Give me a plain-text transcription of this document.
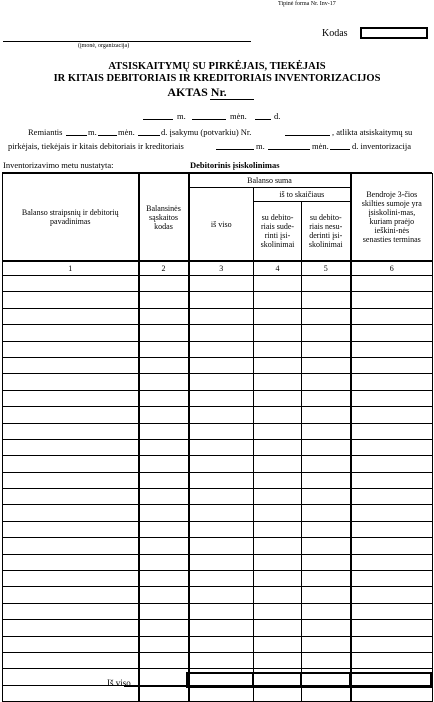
Tipinė forma Nr. Inv-17
Kodas
(įmonė, organizacija)
ATSISKAITYMŲ SU PIRKĖJAIS, TIEKĖJAIS
IR KITAIS DEBITORIAIS IR KREDITORIAIS INVENTORIZACIJOS
AKTAS Nr.
m.	mėn.	d.
Remiantis	m.	mėn.	d. įsakymu (potvarkiu) Nr.	, atlikta atsiskaitymų su
pirkėjais, tiekėjais ir kitais debitoriais ir kreditoriais	m.	mėn.	d. inventorizacija
Inventorizavimo metu nustatyta:	Debitorinis įsiskolinimas
Balanso straipsnių ir debitorių pavadinimas	Balansinės sąskaitos kodas	Balanso suma			Bendroje 3-čios skilties sumoje yra įsiskolini-mas, kuriam praėjo ieškini-nės senasties terminas

		iš viso	iš to skaičiaus		

			su debito-riais sude-rinti įsi-skolinimai	su debito-riais nesu-derinti įsi-skolinimai	

1	2	3	4	5	6

Iš viso
